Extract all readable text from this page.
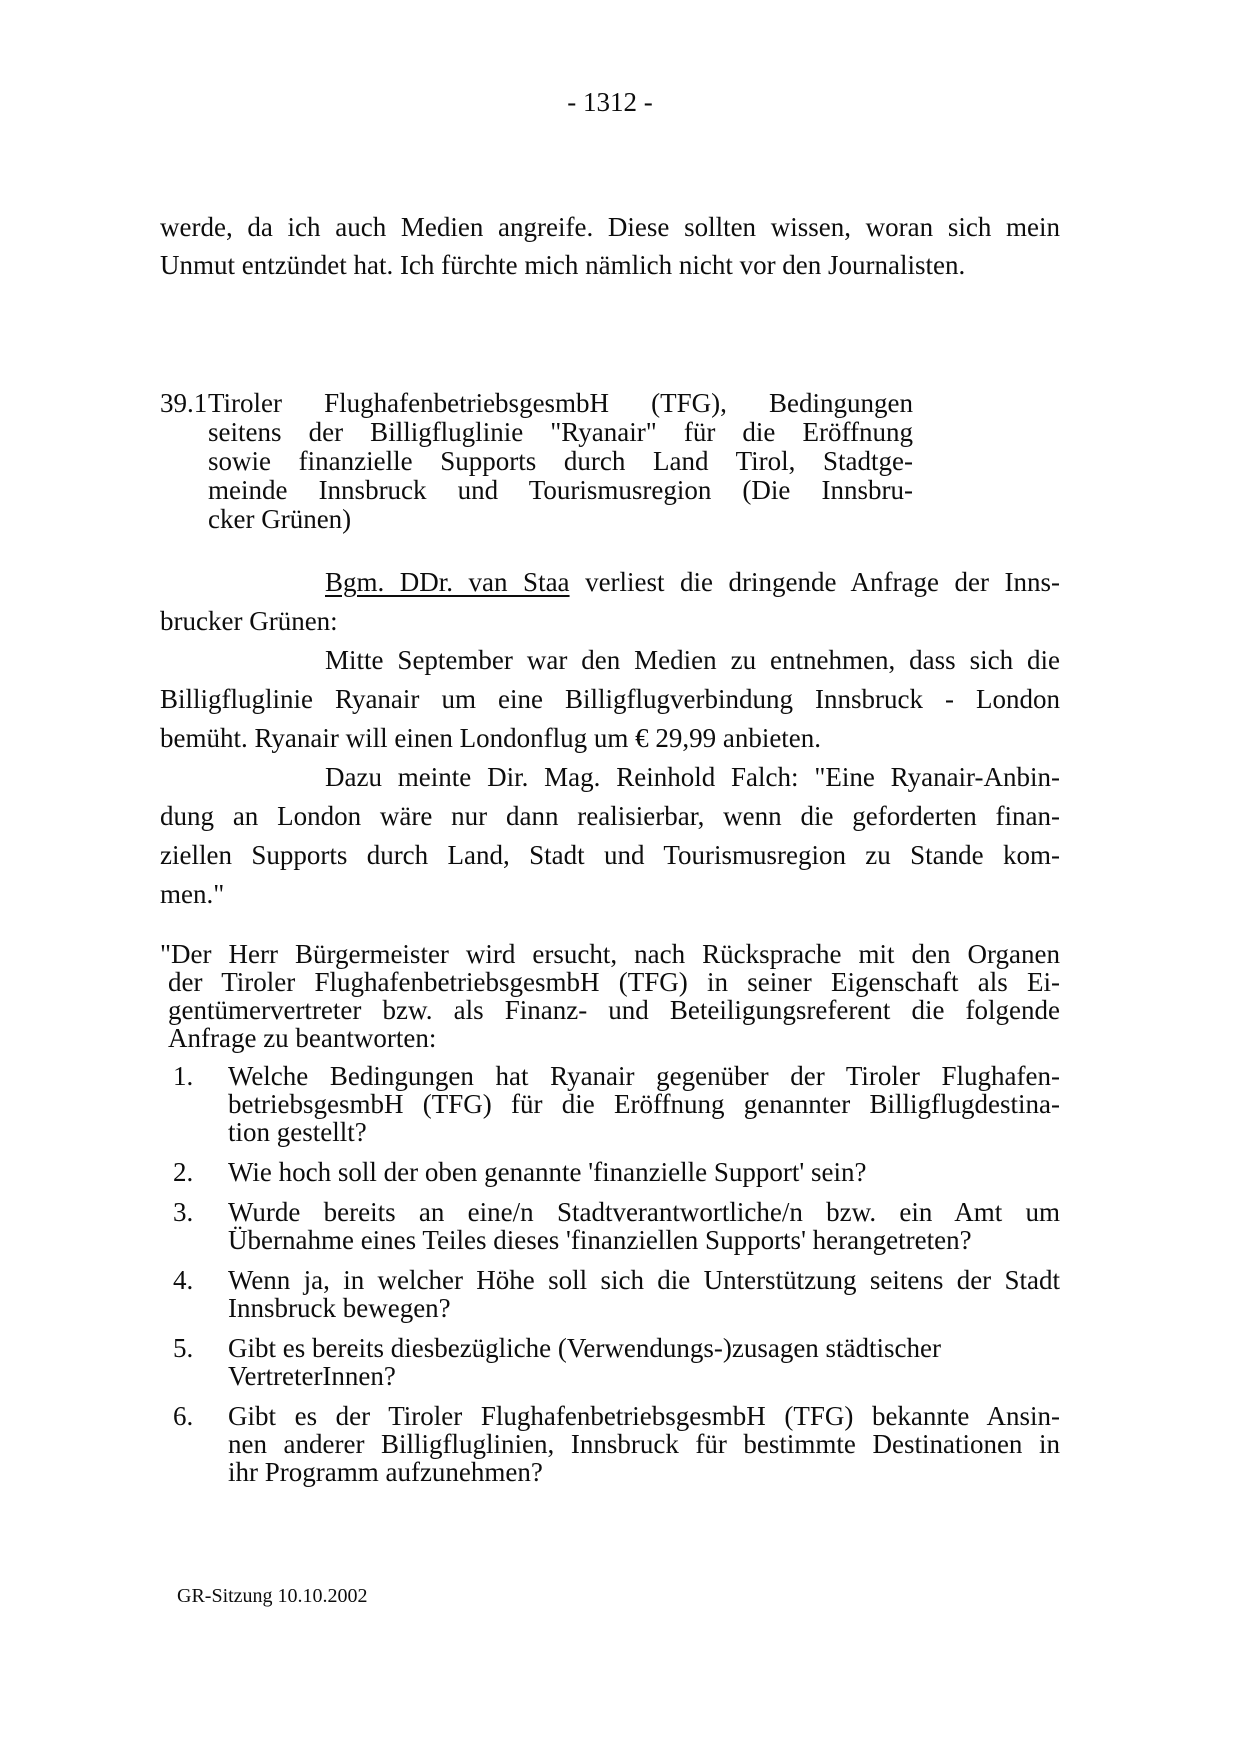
- 1312 -
werde, da ich auch Medien angreife. Diese sollten wissen, woran sich mein
Unmut entzündet hat. Ich fürchte mich nämlich nicht vor den Journalisten.
39.1 Tiroler FlughafenbetriebsgesmbH (TFG), Bedingungen
seitens der Billigfluglinie "Ryanair" für die Eröffnung
sowie finanzielle Supports durch Land Tirol, Stadtge-
meinde Innsbruck und Tourismusregion (Die Innsbru-
cker Grünen)
Bgm. DDr. van Staa verliest die dringende Anfrage der Inns-
brucker Grünen:
Mitte September war den Medien zu entnehmen, dass sich die
Billigfluglinie Ryanair um eine Billigflugverbindung Innsbruck - London
bemüht. Ryanair will einen Londonflug um € 29,99 anbieten.
Dazu meinte Dir. Mag. Reinhold Falch: "Eine Ryanair-Anbin-
dung an London wäre nur dann realisierbar, wenn die geforderten finan-
ziellen Supports durch Land, Stadt und Tourismusregion zu Stande kom-
men."
"Der Herr Bürgermeister wird ersucht, nach Rücksprache mit den Organen
der Tiroler FlughafenbetriebsgesmbH (TFG) in seiner Eigenschaft als Ei-
gentümervertreter bzw. als Finanz- und Beteiligungsreferent die folgende
Anfrage zu beantworten:
1. Welche Bedingungen hat Ryanair gegenüber der Tiroler Flughafen-
betriebsgesmbH (TFG) für die Eröffnung genannter Billigflugdestina-
tion gestellt?
2. Wie hoch soll der oben genannte 'finanzielle Support' sein?
3. Wurde bereits an eine/n Stadtverantwortliche/n bzw. ein Amt um
Übernahme eines Teiles dieses 'finanziellen Supports' herangetreten?
4. Wenn ja, in welcher Höhe soll sich die Unterstützung seitens der Stadt
Innsbruck bewegen?
5. Gibt es bereits diesbezügliche (Verwendungs-)zusagen städtischer
VertreterInnen?
6. Gibt es der Tiroler FlughafenbetriebsgesmbH (TFG) bekannte Ansin-
nen anderer Billigfluglinien, Innsbruck für bestimmte Destinationen in
ihr Programm aufzunehmen?
GR-Sitzung 10.10.2002
